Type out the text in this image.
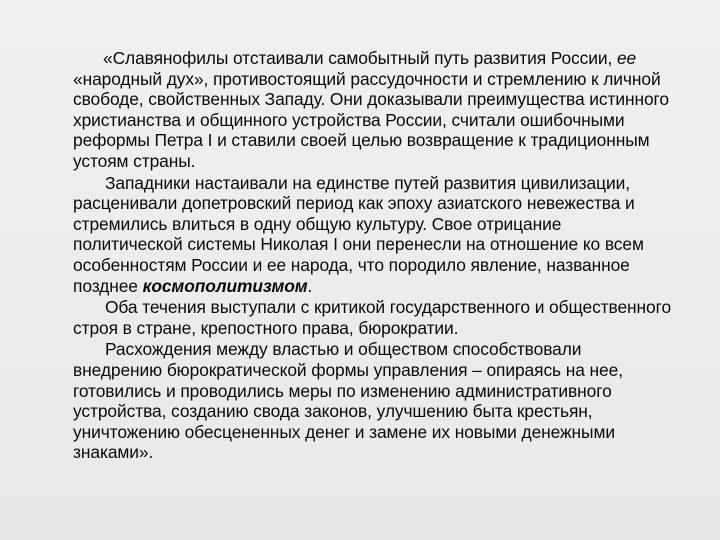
«Славянофилы отстаивали самобытный путь развития России, ее «народный дух», противостоящий рассудочности и стремлению к личной свободе, свойственных Западу. Они доказывали преимущества истинного христианства и общинного устройства России, считали ошибочными реформы Петра I и ставили своей целью возвращение к традиционным устоям страны.

Западники настаивали на единстве путей развития цивилизации, расценивали допетровский период как эпоху азиатского невежества и стремились влиться в одну общую культуру. Свое отрицание политической системы Николая I они перенесли на отношение ко всем особенностям России и ее народа, что породило явление, названное позднее космополитизмом.

Оба течения выступали с критикой государственного и общественного строя в стране, крепостного права, бюрократии.

Расхождения между властью и обществом способствовали внедрению бюрократической формы управления – опираясь на нее, готовились и проводились меры по изменению административного устройства, созданию свода законов, улучшению быта крестьян, уничтожению обесцененных денег и замене их новыми денежными знаками».
